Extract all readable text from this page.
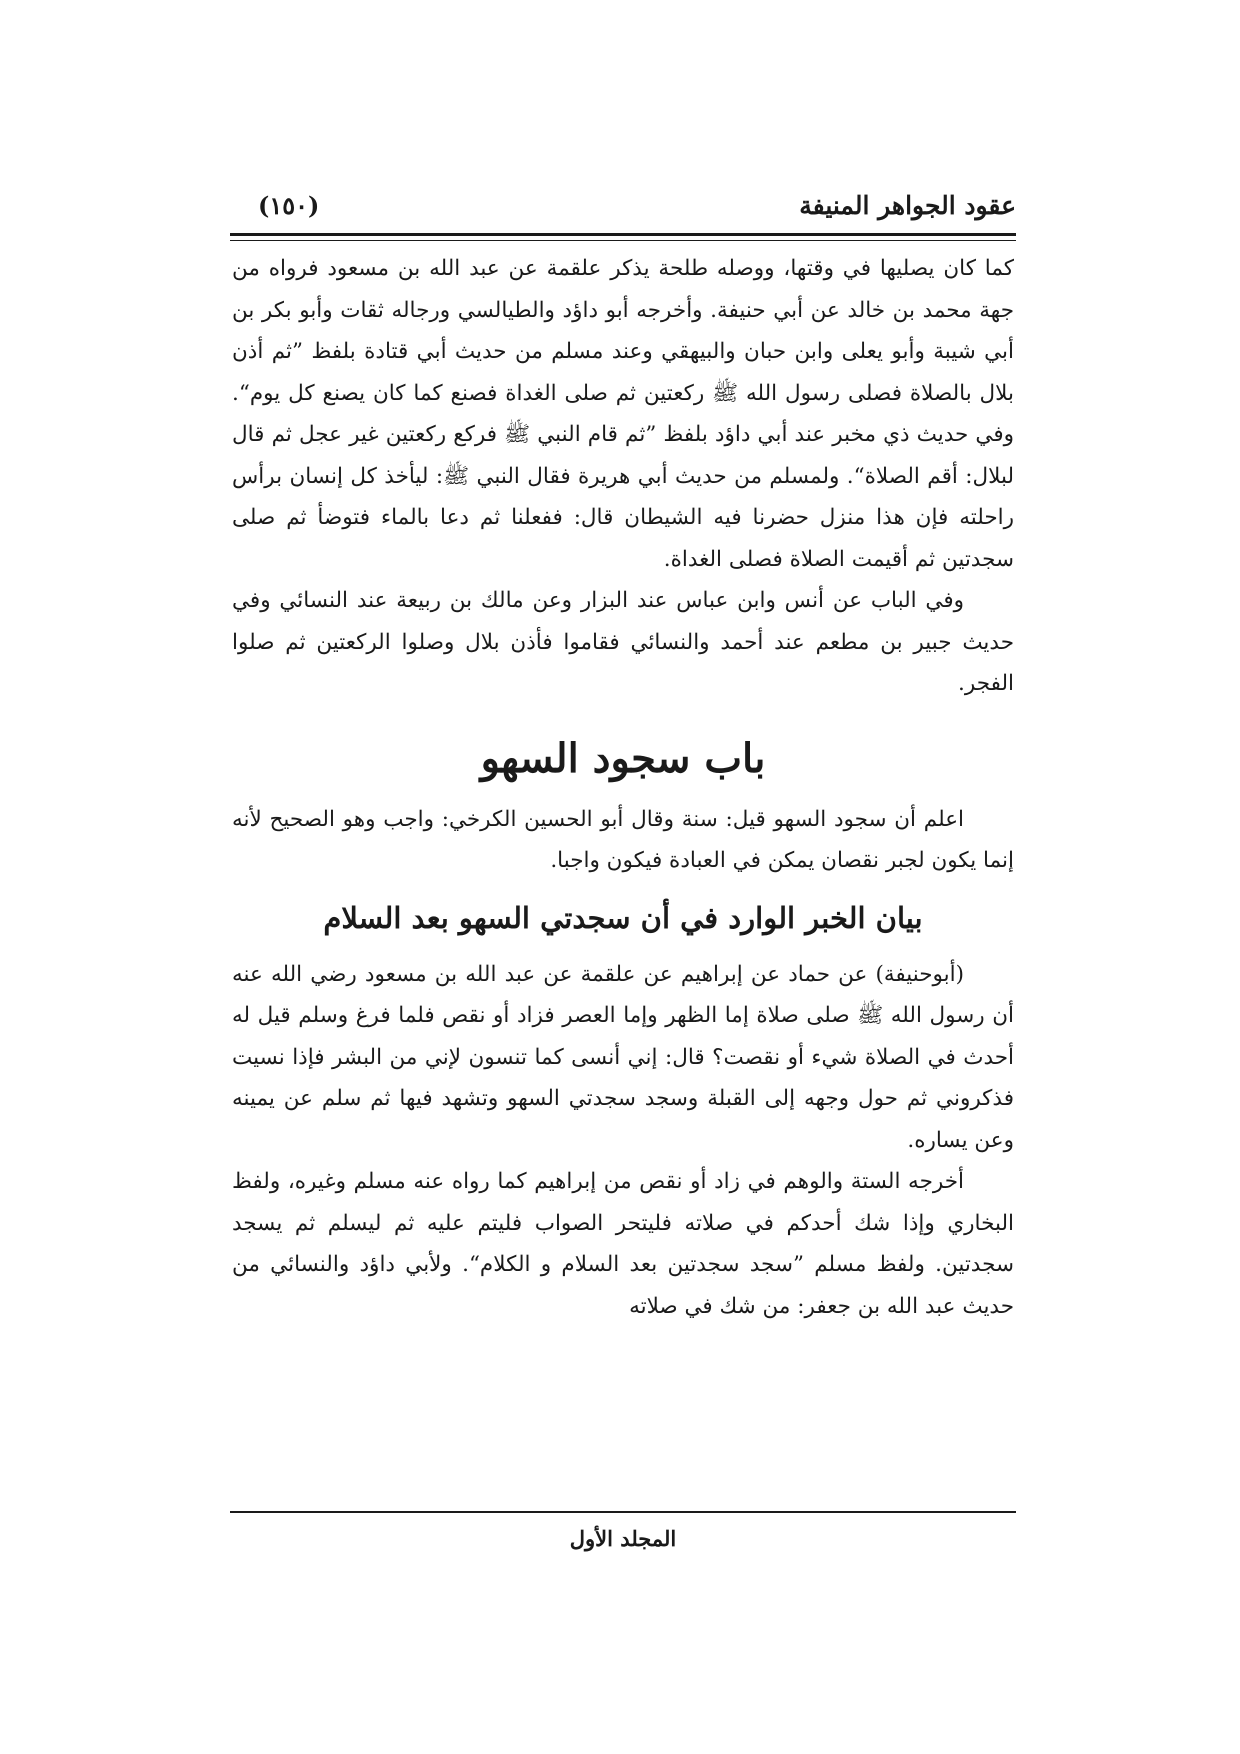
عقود الجواهر المنيفة
(١٥٠)

كما كان يصليها في وقتها، ووصله طلحة يذكر علقمة عن عبد الله بن مسعود فرواه من جهة محمد بن خالد عن أبي حنيفة. وأخرجه أبو داؤد والطيالسي ورجاله ثقات وأبو بكر بن أبي شيبة وأبو يعلى وابن حبان والبيهقي وعند مسلم من حديث أبي قتادة بلفظ ”ثم أذن بلال بالصلاة فصلى رسول الله ﷺ ركعتين ثم صلى الغداة فصنع كما كان يصنع كل يوم“. وفي حديث ذي مخبر عند أبي داؤد بلفظ ”ثم قام النبي ﷺ فركع ركعتين غير عجل ثم قال لبلال: أقم الصلاة“. ولمسلم من حديث أبي هريرة فقال النبي ﷺ: ليأخذ كل إنسان برأس راحلته فإن هذا منزل حضرنا فيه الشيطان قال: ففعلنا ثم دعا بالماء فتوضأ ثم صلى سجدتين ثم أقيمت الصلاة فصلى الغداة.

وفي الباب عن أنس وابن عباس عند البزار وعن مالك بن ربيعة عند النسائي وفي حديث جبير بن مطعم عند أحمد والنسائي فقاموا فأذن بلال وصلوا الركعتين ثم صلوا الفجر.

باب سجود السهو

اعلم أن سجود السهو قيل: سنة وقال أبو الحسين الكرخي: واجب وهو الصحيح لأنه إنما يكون لجبر نقصان يمكن في العبادة فيكون واجبا.

بيان الخبر الوارد في أن سجدتي السهو بعد السلام

(أبوحنيفة) عن حماد عن إبراهيم عن علقمة عن عبد الله بن مسعود رضي الله عنه أن رسول الله ﷺ صلى صلاة إما الظهر وإما العصر فزاد أو نقص فلما فرغ وسلم قيل له أحدث في الصلاة شيء أو نقصت؟ قال: إني أنسى كما تنسون لإني من البشر فإذا نسيت فذكروني ثم حول وجهه إلى القبلة وسجد سجدتي السهو وتشهد فيها ثم سلم عن يمينه وعن يساره.

أخرجه الستة والوهم في زاد أو نقص من إبراهيم كما رواه عنه مسلم وغيره، ولفظ البخاري وإذا شك أحدكم في صلاته فليتحر الصواب فليتم عليه ثم ليسلم ثم يسجد سجدتين. ولفظ مسلم ”سجد سجدتين بعد السلام و الكلام“. ولأبي داؤد والنسائي من حديث عبد الله بن جعفر: من شك في صلاته

المجلد الأول
